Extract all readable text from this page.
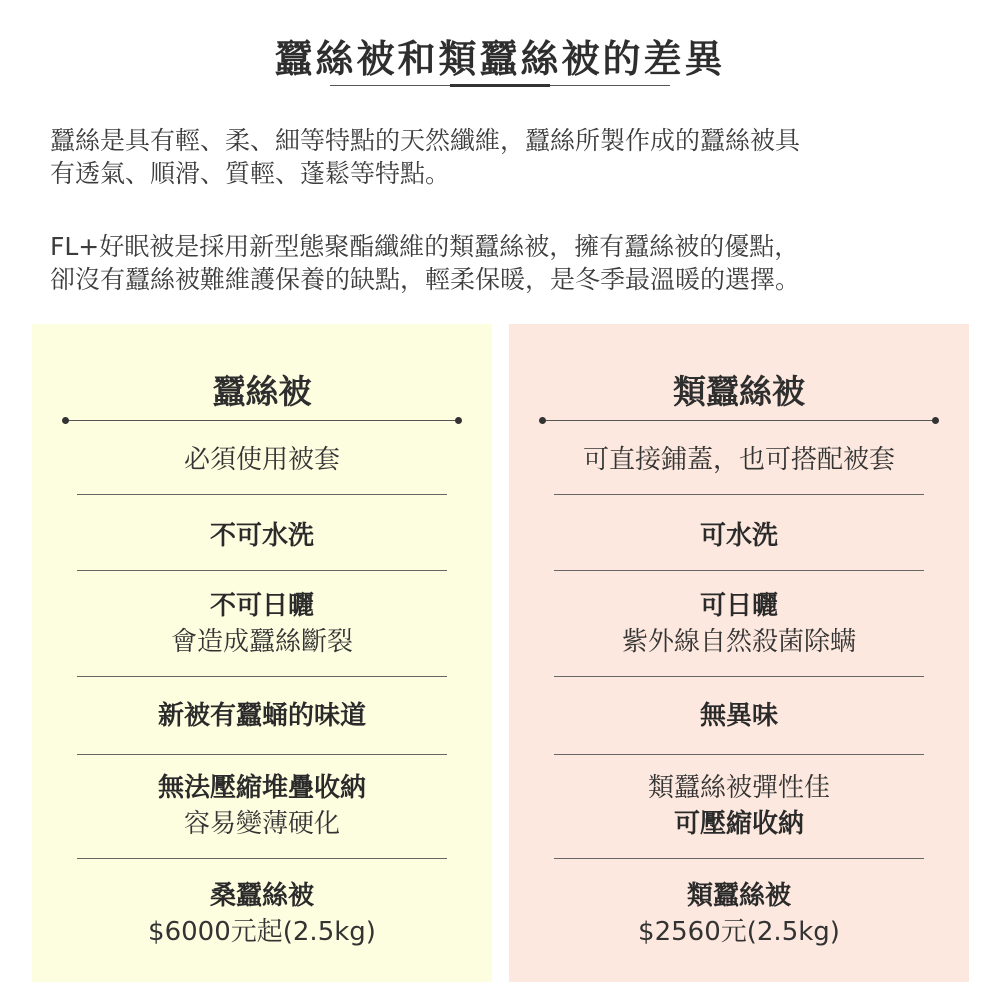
蠶絲被和類蠶絲被的差異

蠶絲是具有輕、柔、細等特點的天然纖維，蠶絲所製作成的蠶絲被具

有透氣、順滑、質輕、蓬鬆等特點。

FL+好眠被是採用新型態聚酯纖維的類蠶絲被，擁有蠶絲被的優點，

卻沒有蠶絲被難維護保養的缺點，輕柔保暖，是冬季最溫暖的選擇。

蠶絲被
必須使用被套
不可水洗
不可日曬
會造成蠶絲斷裂
新被有蠶蛹的味道
無法壓縮堆疊收納
容易變薄硬化
桑蠶絲被
$6000元起(2.5kg)
類蠶絲被
可直接鋪蓋，也可搭配被套
可水洗
可日曬
紫外線自然殺菌除螨
無異味
類蠶絲被彈性佳
可壓縮收納
類蠶絲被
$2560元(2.5kg)
